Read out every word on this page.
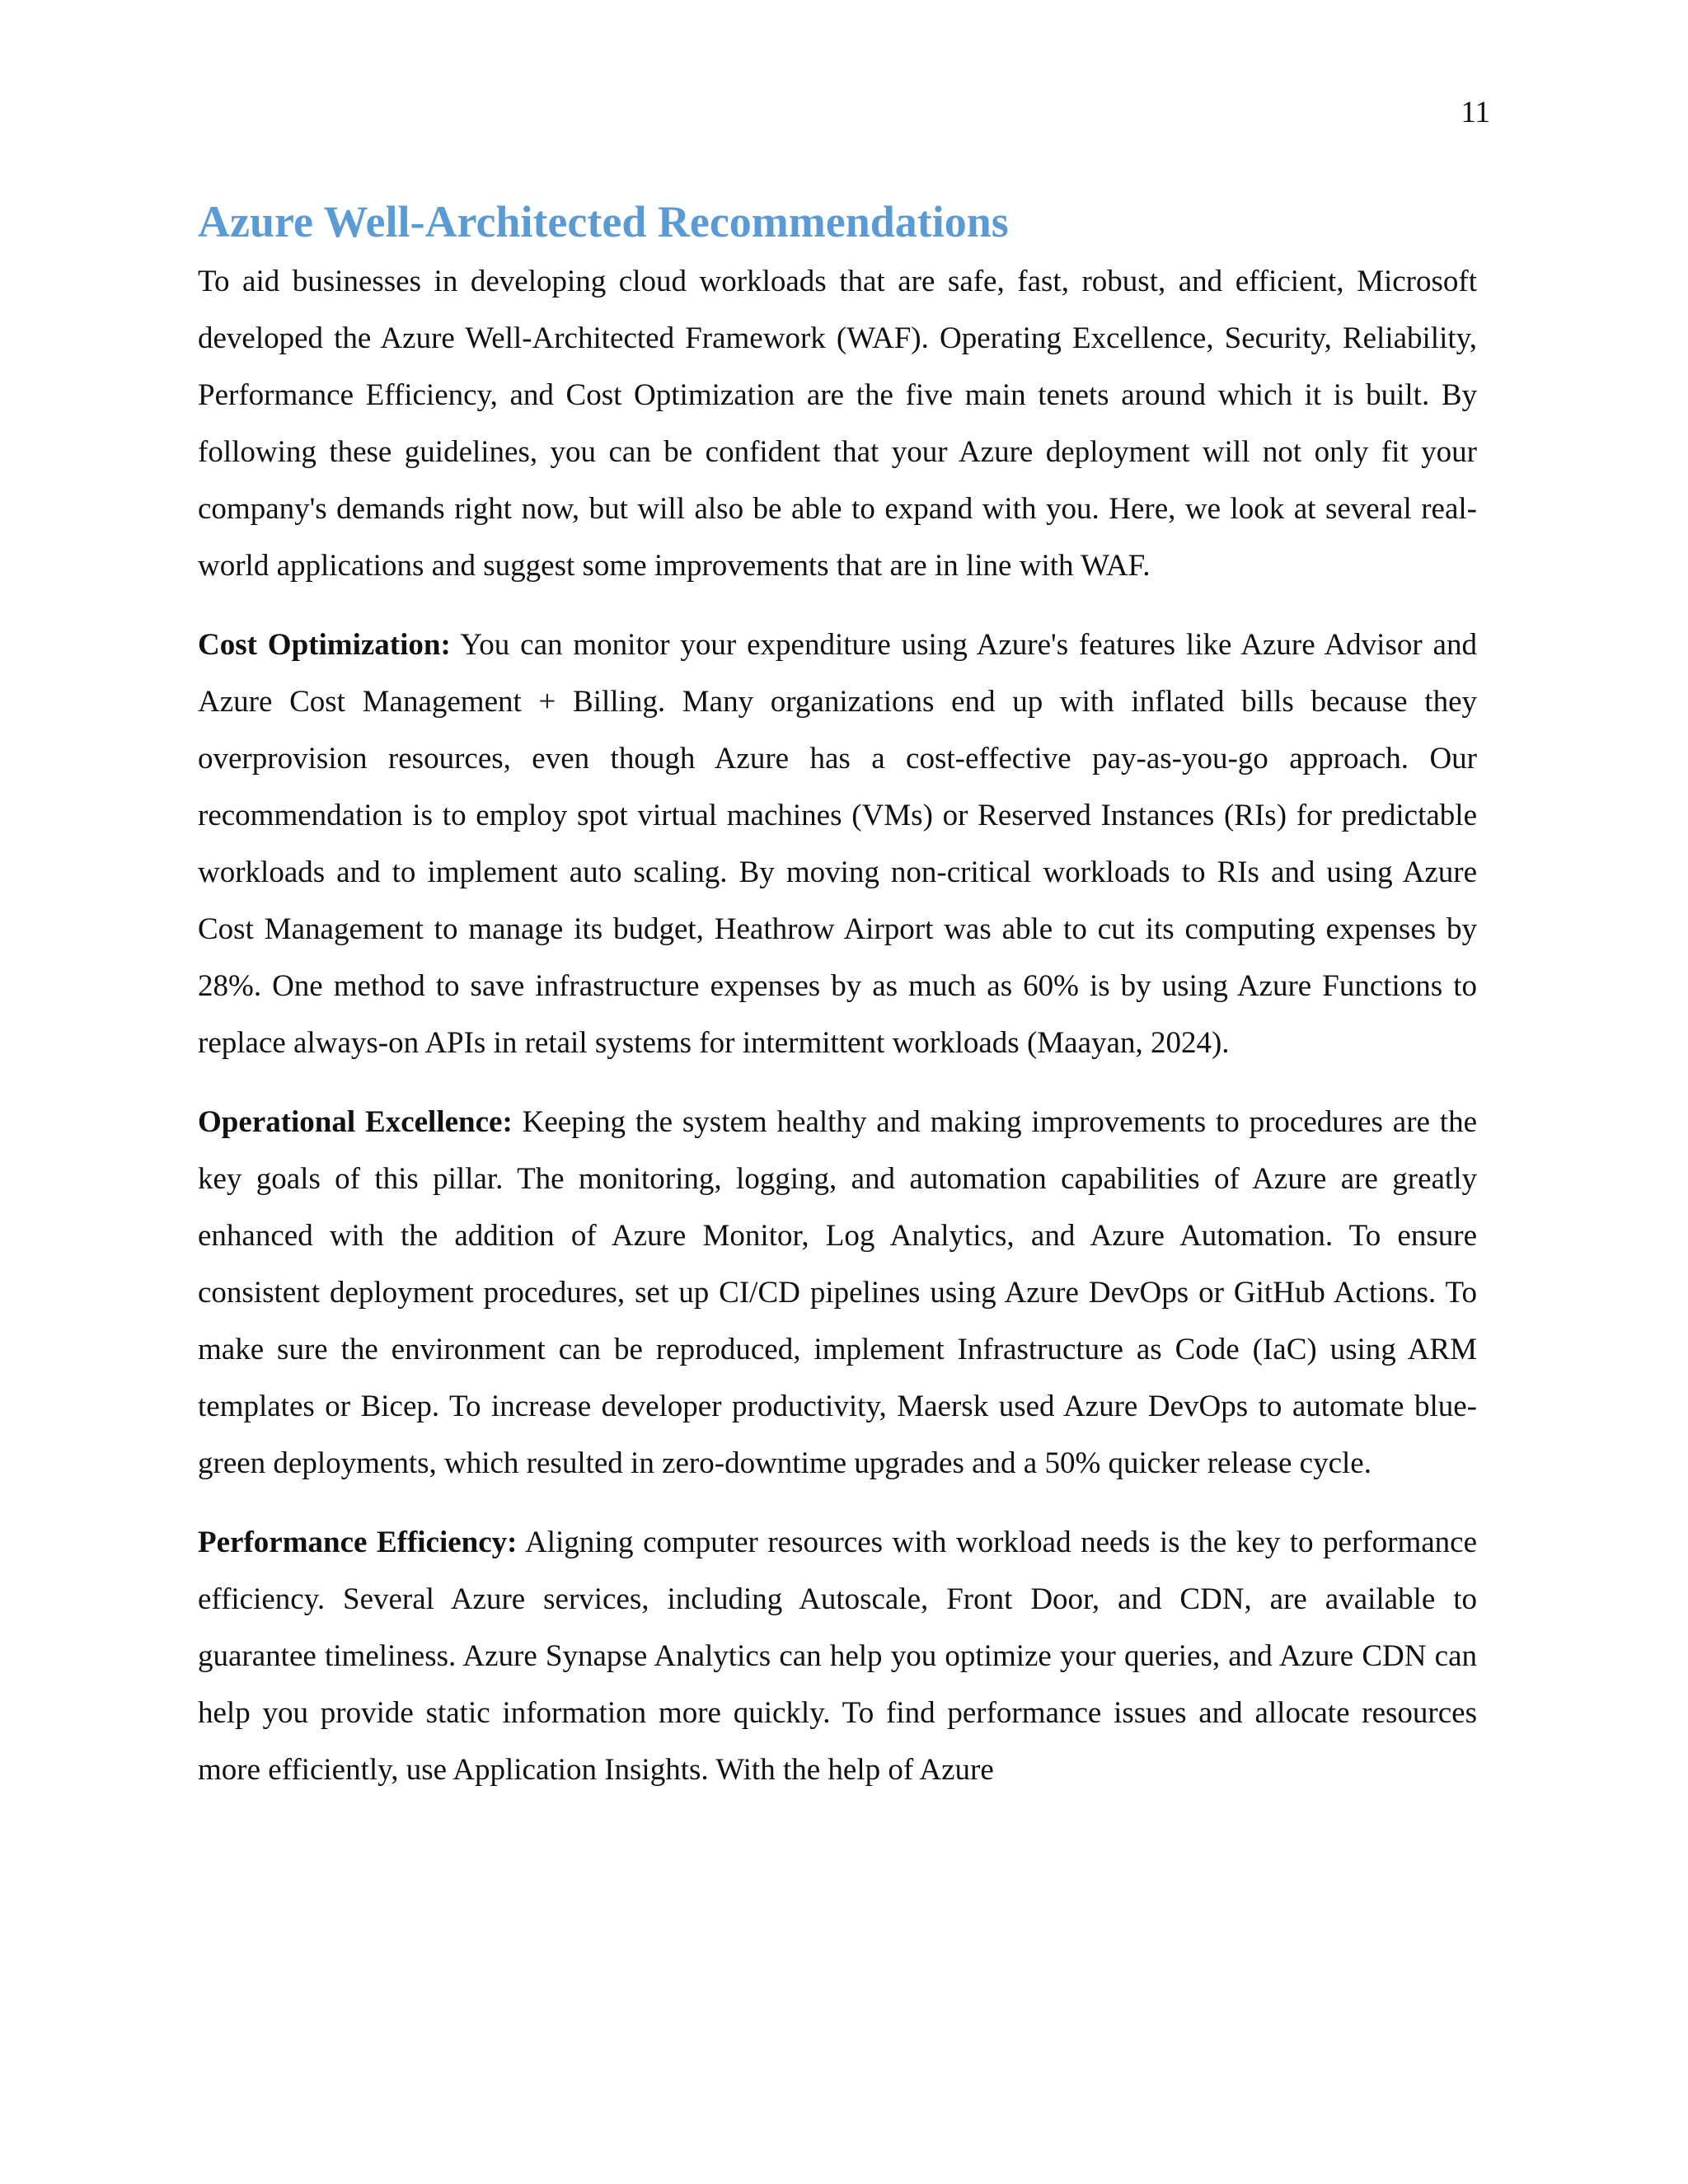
11
Azure Well-Architected Recommendations

To aid businesses in developing cloud workloads that are safe, fast, robust, and efficient, Microsoft developed the Azure Well-Architected Framework (WAF). Operating Excellence, Security, Reliability, Performance Efficiency, and Cost Optimization are the five main tenets around which it is built. By following these guidelines, you can be confident that your Azure deployment will not only fit your company's demands right now, but will also be able to expand with you. Here, we look at several real-world applications and suggest some improvements that are in line with WAF.

Cost Optimization: You can monitor your expenditure using Azure's features like Azure Advisor and Azure Cost Management + Billing. Many organizations end up with inflated bills because they overprovision resources, even though Azure has a cost-effective pay-as-you-go approach. Our recommendation is to employ spot virtual machines (VMs) or Reserved Instances (RIs) for predictable workloads and to implement auto scaling. By moving non-critical workloads to RIs and using Azure Cost Management to manage its budget, Heathrow Airport was able to cut its computing expenses by 28%. One method to save infrastructure expenses by as much as 60% is by using Azure Functions to replace always-on APIs in retail systems for intermittent workloads (Maayan, 2024).

Operational Excellence: Keeping the system healthy and making improvements to procedures are the key goals of this pillar. The monitoring, logging, and automation capabilities of Azure are greatly enhanced with the addition of Azure Monitor, Log Analytics, and Azure Automation. To ensure consistent deployment procedures, set up CI/CD pipelines using Azure DevOps or GitHub Actions. To make sure the environment can be reproduced, implement Infrastructure as Code (IaC) using ARM templates or Bicep. To increase developer productivity, Maersk used Azure DevOps to automate blue-green deployments, which resulted in zero-downtime upgrades and a 50% quicker release cycle.

Performance Efficiency: Aligning computer resources with workload needs is the key to performance efficiency. Several Azure services, including Autoscale, Front Door, and CDN, are available to guarantee timeliness. Azure Synapse Analytics can help you optimize your queries, and Azure CDN can help you provide static information more quickly. To find performance issues and allocate resources more efficiently, use Application Insights. With the help of Azure
